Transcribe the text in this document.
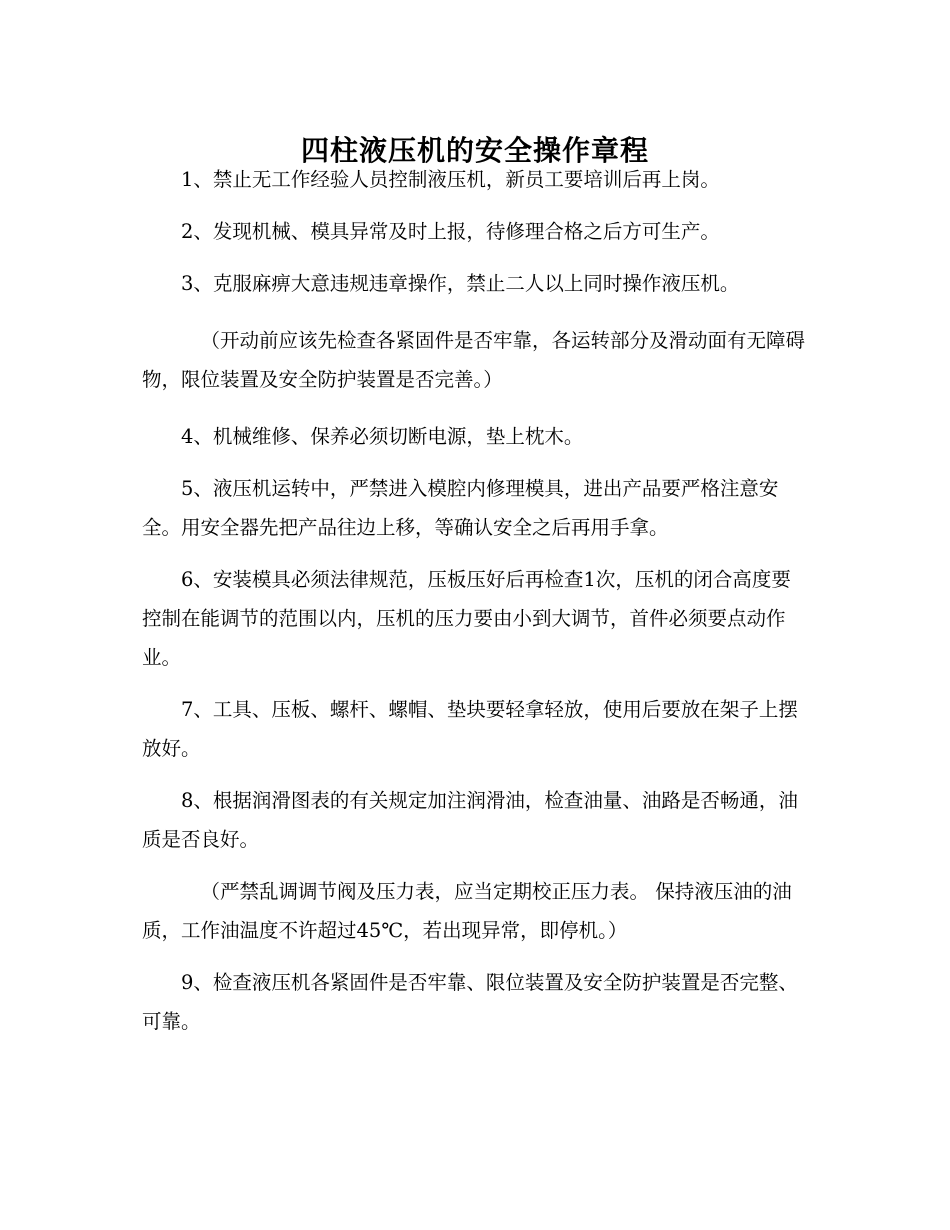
四柱液压机的安全操作章程

1、禁止无工作经验人员控制液压机，新员工要培训后再上岗。

2、发现机械、模具异常及时上报，待修理合格之后方可生产。

3、克服麻痹大意违规违章操作，禁止二人以上同时操作液压机。

（开动前应该先检查各紧固件是否牢靠，各运转部分及滑动面有无障碍物，限位装置及安全防护装置是否完善。）

4、机械维修、保养必须切断电源，垫上枕木。

5、液压机运转中，严禁进入模腔内修理模具，进出产品要严格注意安全。用安全器先把产品往边上移，等确认安全之后再用手拿。

6、安装模具必须法律规范，压板压好后再检查1次，压机的闭合高度要控制在能调节的范围以内，压机的压力要由小到大调节，首件必须要点动作业。

7、工具、压板、螺杆、螺帽、垫块要轻拿轻放，使用后要放在架子上摆放好。

8、根据润滑图表的有关规定加注润滑油，检查油量、油路是否畅通，油质是否良好。

（严禁乱调调节阀及压力表，应当定期校正压力表。 保持液压油的油质，工作油温度不许超过45℃，若出现异常，即停机。）

9、检查液压机各紧固件是否牢靠、限位装置及安全防护装置是否完整、可靠。
